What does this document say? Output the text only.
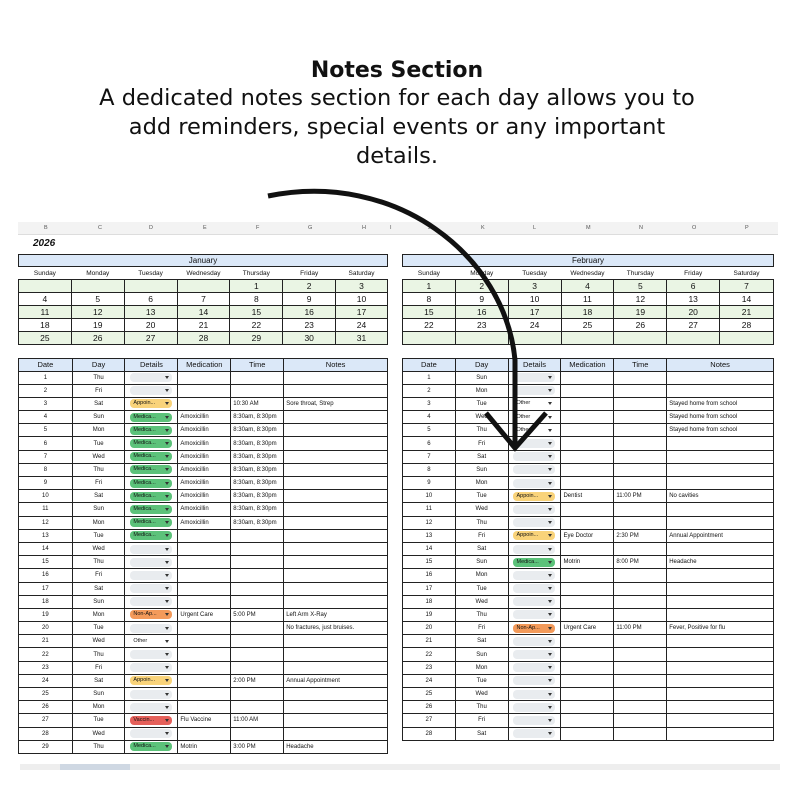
Notes Section
A dedicated notes section for each day allows you to
add reminders, special events or any important
details.
B	C	D	E	F	G	H	I	J	K	L	M	N	O	P
2026
January						
Sunday	Monday	Tuesday	Wednesday	Thursday	Friday	Saturday
				1	2	3
4	5	6	7	8	9	10
11	12	13	14	15	16	17
18	19	20	21	22	23	24
25	26	27	28	29	30	31

Date	Day	Details	Medication	Time	Notes
1	Thu				
2	Fri				
3	Sat	Appoin...		10:30 AM	Sore throat, Strep
4	Sun	Medica...	Amoxicillin	8:30am, 8:30pm	
5	Mon	Medica...	Amoxicillin	8:30am, 8:30pm	
6	Tue	Medica...	Amoxicillin	8:30am, 8:30pm	
7	Wed	Medica...	Amoxicillin	8:30am, 8:30pm	
8	Thu	Medica...	Amoxicillin	8:30am, 8:30pm	
9	Fri	Medica...	Amoxicillin	8:30am, 8:30pm	
10	Sat	Medica...	Amoxicillin	8:30am, 8:30pm	
11	Sun	Medica...	Amoxicillin	8:30am, 8:30pm	
12	Mon	Medica...	Amoxicillin	8:30am, 8:30pm	
13	Tue	Medica...			
14	Wed				
15	Thu				
16	Fri				
17	Sat				
18	Sun				
19	Mon	Non-Ap...	Urgent Care	5:00 PM	Left Arm X-Ray
20	Tue				No fractures, just bruises.
21	Wed	Other			
22	Thu				
23	Fri				
24	Sat	Appoin...		2:00 PM	Annual Appointment
25	Sun				
26	Mon				
27	Tue	Vaccin...	Flu Vaccine	11:00 AM	
28	Wed				
29	Thu	Medica...	Motrin	3:00 PM	Headache
February						
Sunday	Monday	Tuesday	Wednesday	Thursday	Friday	Saturday
1	2	3	4	5	6	7
8	9	10	11	12	13	14
15	16	17	18	19	20	21
22	23	24	25	26	27	28

Date	Day	Details	Medication	Time	Notes
1	Sun				
2	Mon				
3	Tue	Other			Stayed home from school
4	Wed	Other			Stayed home from school
5	Thu	Other			Stayed home from school
6	Fri				
7	Sat				
8	Sun				
9	Mon				
10	Tue	Appoin...	Dentist	11:00 PM	No cavities
11	Wed				
12	Thu				
13	Fri	Appoin...	Eye Doctor	2:30 PM	Annual Appointment
14	Sat				
15	Sun	Medica...	Motrin	8:00 PM	Headache
16	Mon				
17	Tue				
18	Wed				
19	Thu				
20	Fri	Non-Ap...	Urgent Care	11:00 PM	Fever, Positive for flu
21	Sat				
22	Sun				
23	Mon				
24	Tue				
25	Wed				
26	Thu				
27	Fri				
28	Sat				
